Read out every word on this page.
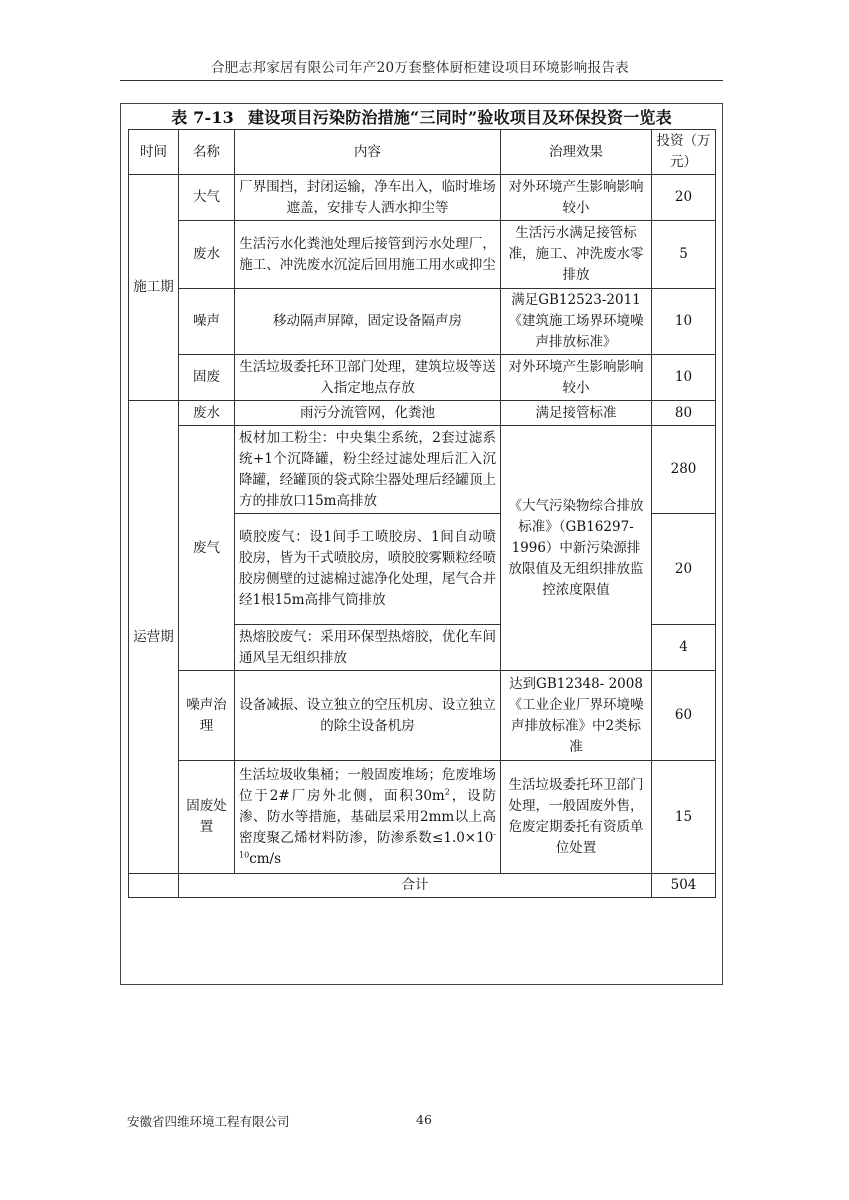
合肥志邦家居有限公司年产20万套整体厨柜建设项目环境影响报告表
表 7-13 建设项目污染防治措施“三同时”验收项目及环保投资一览表
时间	名称	内容	治理效果	投资（万元）
施工期	大气	厂界围挡，封闭运输，净车出入，临时堆场遮盖，安排专人洒水抑尘等	对外环境产生影响影响较小	20
	废水	生活污水化粪池处理后接管到污水处理厂，施工、冲洗废水沉淀后回用施工用水或抑尘	生活污水满足接管标准，施工、冲洗废水零排放	5
	噪声	移动隔声屏障，固定设备隔声房	满足GB12523-2011《建筑施工场界环境噪声排放标准》	10
	固废	生活垃圾委托环卫部门处理，建筑垃圾等送入指定地点存放	对外环境产生影响影响较小	10
运营期	废水	雨污分流管网，化粪池	满足接管标准	80
	废气	板材加工粉尘：中央集尘系统，2套过滤系统+1个沉降罐，粉尘经过滤处理后汇入沉降罐，经罐顶的袋式除尘器处理后经罐顶上方的排放口15m高排放	《大气污染物综合排放标准》（GB16297-1996）中新污染源排放限值及无组织排放监控浓度限值	280
		喷胶废气：设1间手工喷胶房、1间自动喷胶房，皆为干式喷胶房，喷胶胶雾颗粒经喷胶房侧壁的过滤棉过滤净化处理，尾气合并经1根15m高排气筒排放		20
		热熔胶废气：采用环保型热熔胶，优化车间通风呈无组织排放		4
	噪声治理	设备减振、设立独立的空压机房、设立独立的除尘设备机房	达到GB12348- 2008《工业企业厂界环境噪声排放标准》中2类标准	60
	固废处置	生活垃圾收集桶；一般固废堆场；危废堆场位于2#厂房外北侧，面积$30m^2$，设防渗、防水等措施，基础层采用2mm以上高密度聚乙烯材料防渗，防渗系数$\le 1.0\times 10^{-10}cm/s$	生活垃圾委托环卫部门处理，一般固废外售，危废定期委托有资质单位处置	15
	合计			504
安徽省四维环境工程有限公司	46
